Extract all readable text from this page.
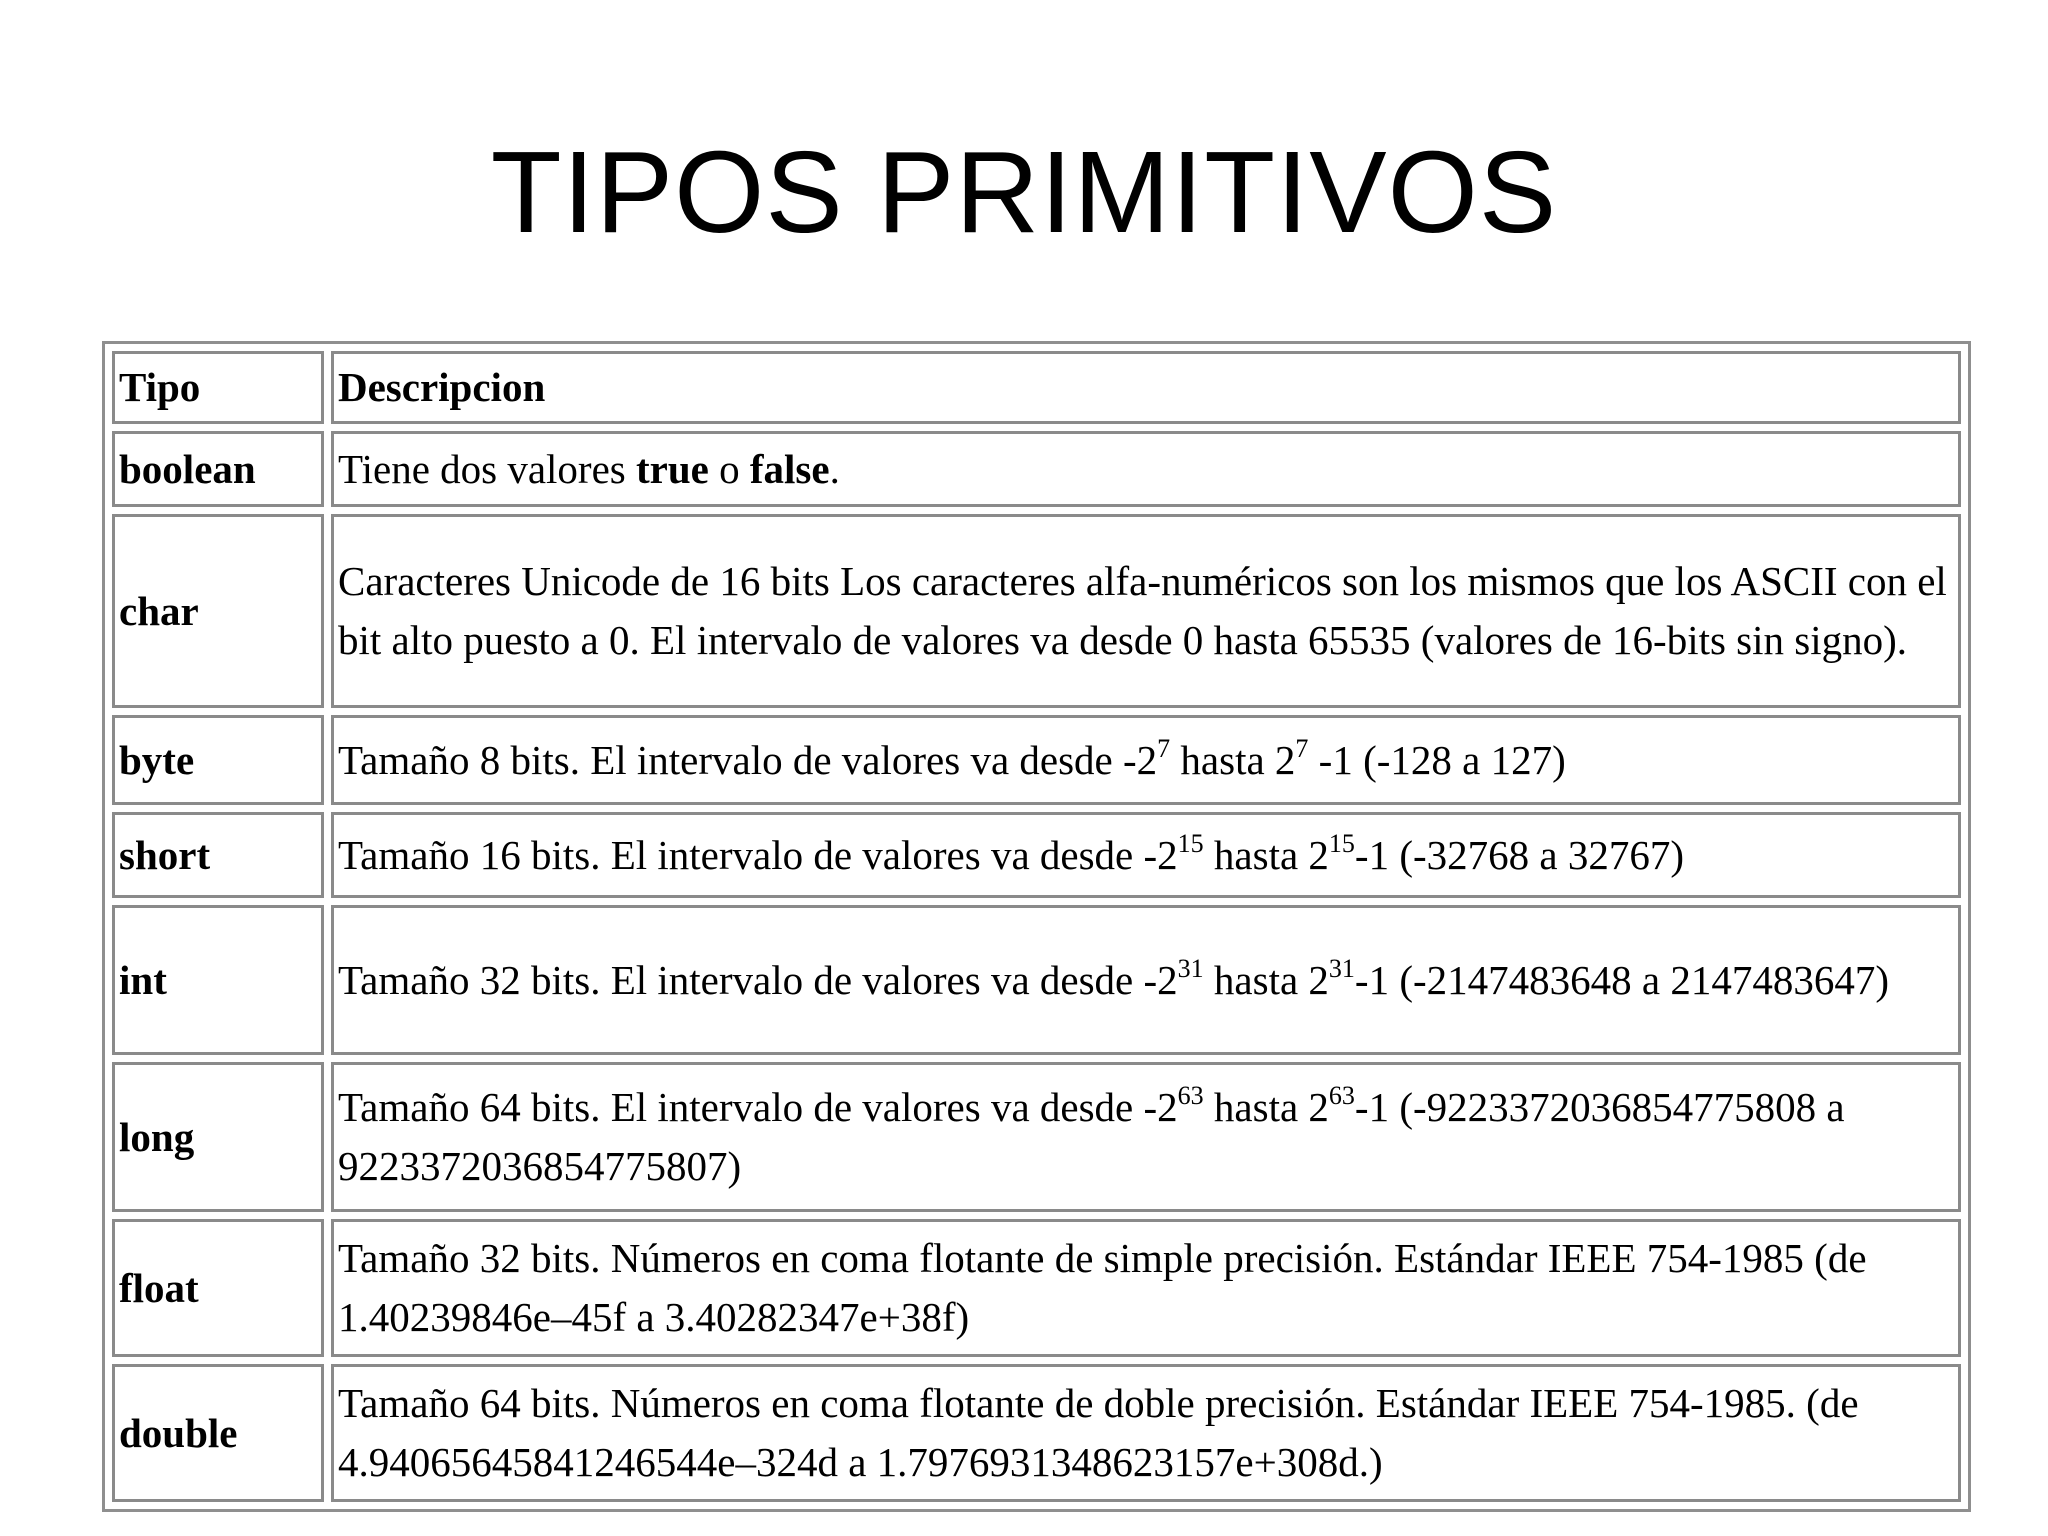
TIPOS PRIMITIVOS
Tipo	Descripcion
boolean	Tiene dos valores true o false.
char	Caracteres Unicode de 16 bits Los caracteres alfa-numéricos son los mismos que los ASCII con el bit alto puesto a 0. El intervalo de valores va desde 0 hasta 65535 (valores de 16-bits sin signo).
byte	Tamaño 8 bits. El intervalo de valores va desde $-2^7$ hasta $2^7$ -1 (-128 a 127)
short	Tamaño 16 bits. El intervalo de valores va desde $-2^{15}$ hasta $2^{15}-1$ (-32768 a 32767)
int	Tamaño 32 bits. El intervalo de valores va desde $-2^{31}$ hasta $2^{31}-1$ (-2147483648 a 2147483647)
long	Tamaño 64 bits. El intervalo de valores va desde $-2^{63}$ hasta $2^{63}-1$ (-9223372036854775808 a 9223372036854775807)
float	Tamaño 32 bits. Números en coma flotante de simple precisión. Estándar IEEE 754-1985 (de 1.40239846e–45f a 3.40282347e+38f)
double	Tamaño 64 bits. Números en coma flotante de doble precisión. Estándar IEEE 754-1985. (de 4.94065645841246544e–324d a 1.7976931348623157e+308d.)
